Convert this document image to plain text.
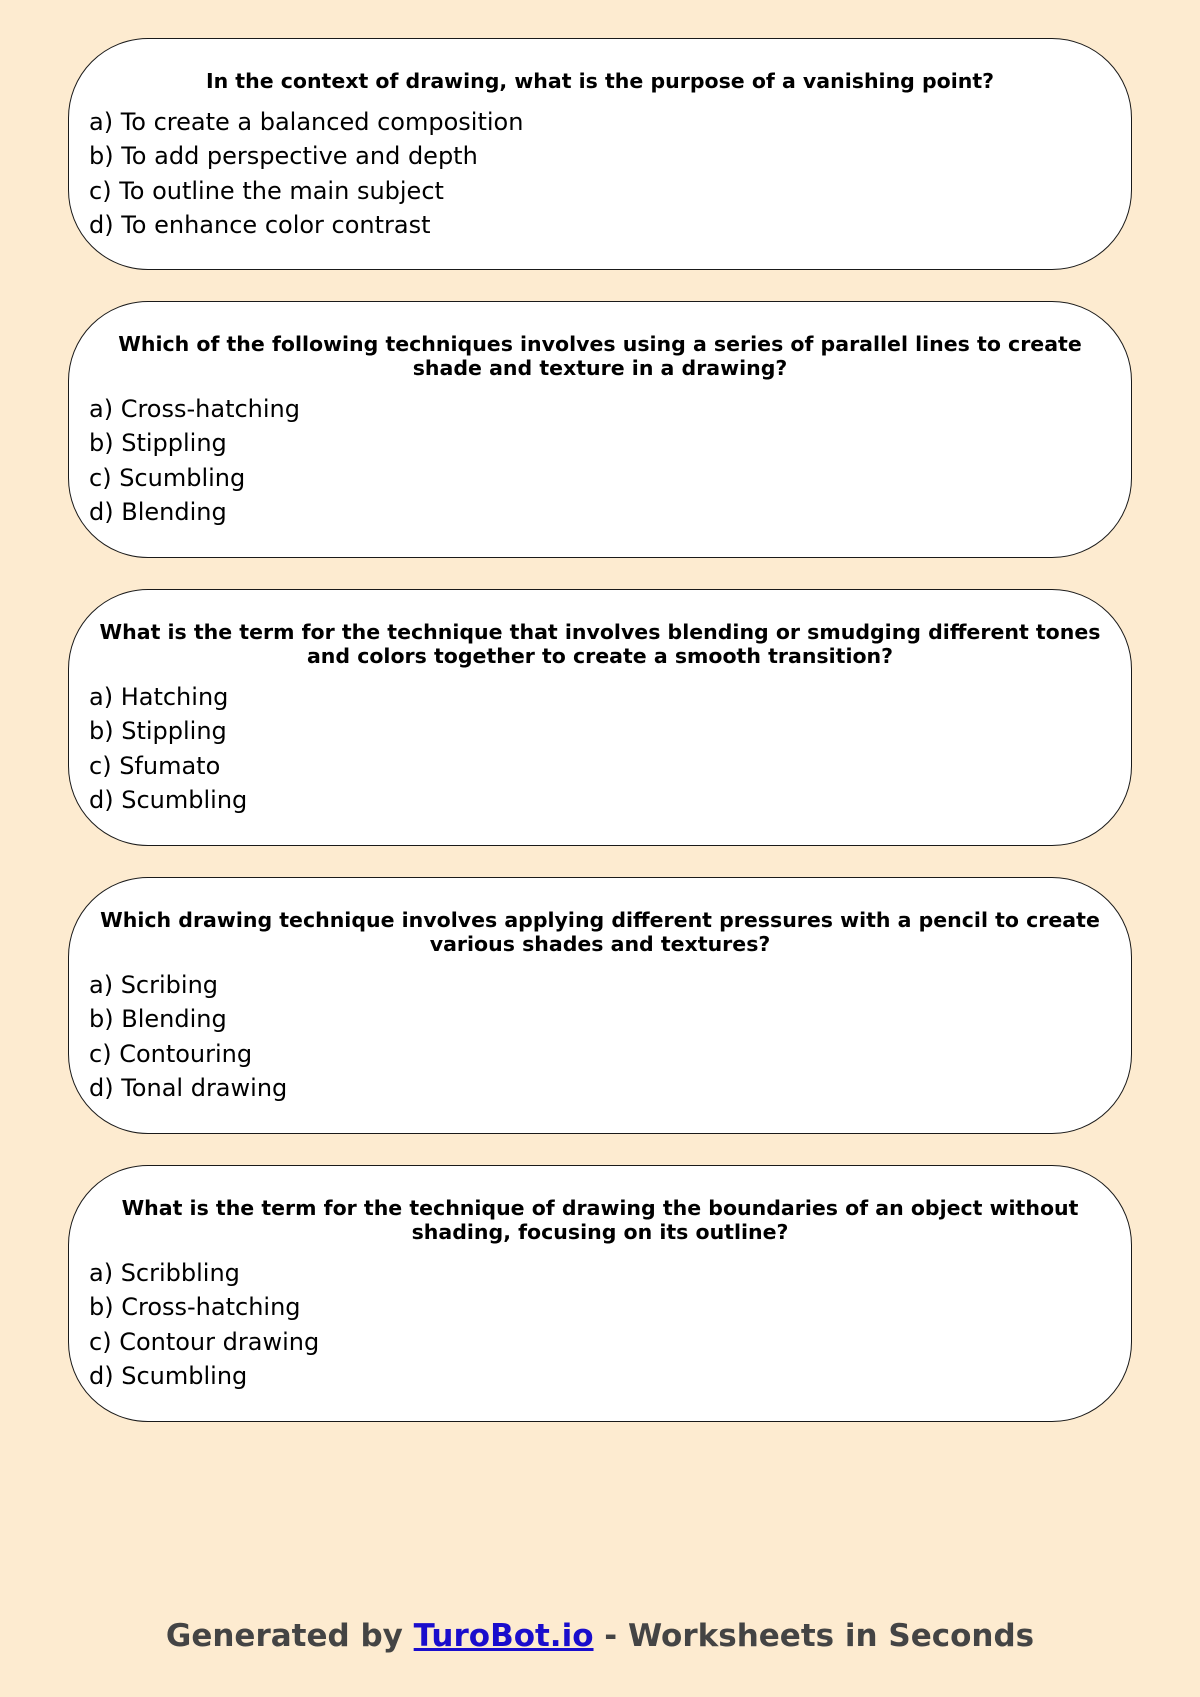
In the context of drawing, what is the purpose of a vanishing point?

a) To create a balanced composition
b) To add perspective and depth
c) To outline the main subject
d) To enhance color contrast

Which of the following techniques involves using a series of parallel lines to create shade and texture in a drawing?

a) Cross-hatching
b) Stippling
c) Scumbling
d) Blending

What is the term for the technique that involves blending or smudging different tones and colors together to create a smooth transition?

a) Hatching
b) Stippling
c) Sfumato
d) Scumbling

Which drawing technique involves applying different pressures with a pencil to create various shades and textures?

a) Scribing
b) Blending
c) Contouring
d) Tonal drawing

What is the term for the technique of drawing the boundaries of an object without shading, focusing on its outline?

a) Scribbling
b) Cross-hatching
c) Contour drawing
d) Scumbling
Generated by TuroBot.io - Worksheets in Seconds
